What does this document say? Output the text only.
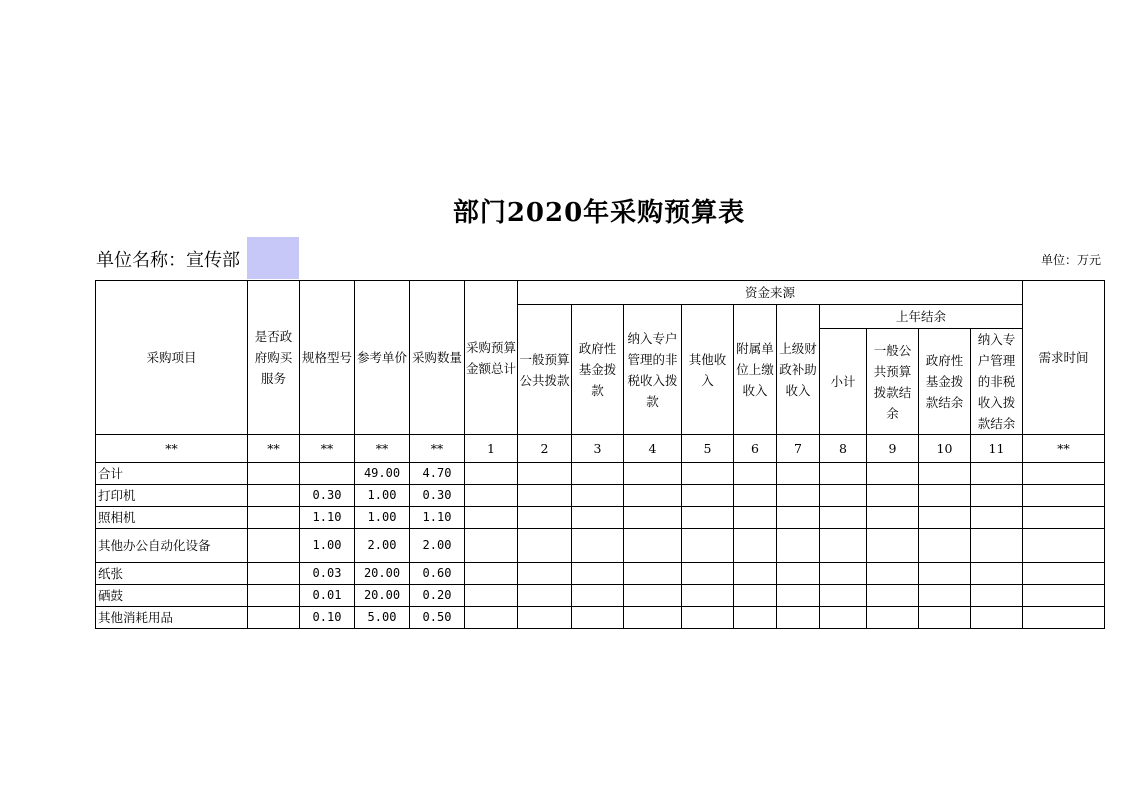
部门2020年采购预算表
单位名称：宣传部	单位：万元
采购项目	是否政府购买服务	规格型号	参考单价	采购数量	采购预算金额总计	资金来源										需求时间
						一般预算公共拨款	政府性基金拨款	纳入专户管理的非税收入拨款	其他收入	附属单位上缴收入	上级财政补助收入	上年结余				
												小计	一般公共预算拨款结余	政府性基金拨款结余	纳入专户管理的非税收入拨款结余	
**	**	**	**	**	1	2	3	4	5	6	7	8	9	10	11	**
合计			49.00	4.70												
打印机		0.30	1.00	0.30												
照相机		1.10	1.00	1.10												
其他办公自动化设备		1.00	2.00	2.00												
纸张		0.03	20.00	0.60												
硒鼓		0.01	20.00	0.20												
其他消耗用品		0.10	5.00	0.50												
